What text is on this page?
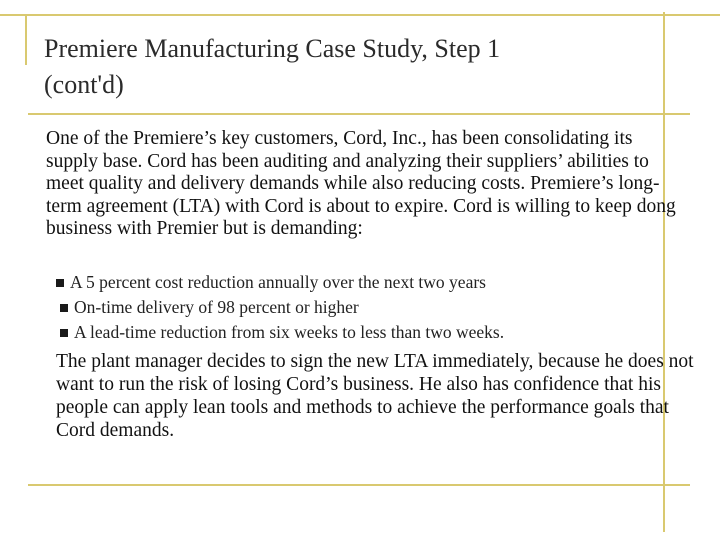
Premiere Manufacturing Case Study, Step 1
(cont'd)

One of the Premiere’s key customers, Cord, Inc., has been consolidating its supply base. Cord has been auditing and analyzing their suppliers’ abilities to meet quality and delivery demands while also reducing costs. Premiere’s long-term agreement (LTA) with Cord is about to expire. Cord is willing to keep dong business with Premier but is demanding:

A 5 percent cost reduction annually over the next two years
On-time delivery of 98 percent or higher
A lead-time reduction from six weeks to less than two weeks.

The plant manager decides to sign the new LTA immediately, because he does not want to run the risk of losing Cord’s business. He also has confidence that his people can apply lean tools and methods to achieve the performance goals that Cord demands.
